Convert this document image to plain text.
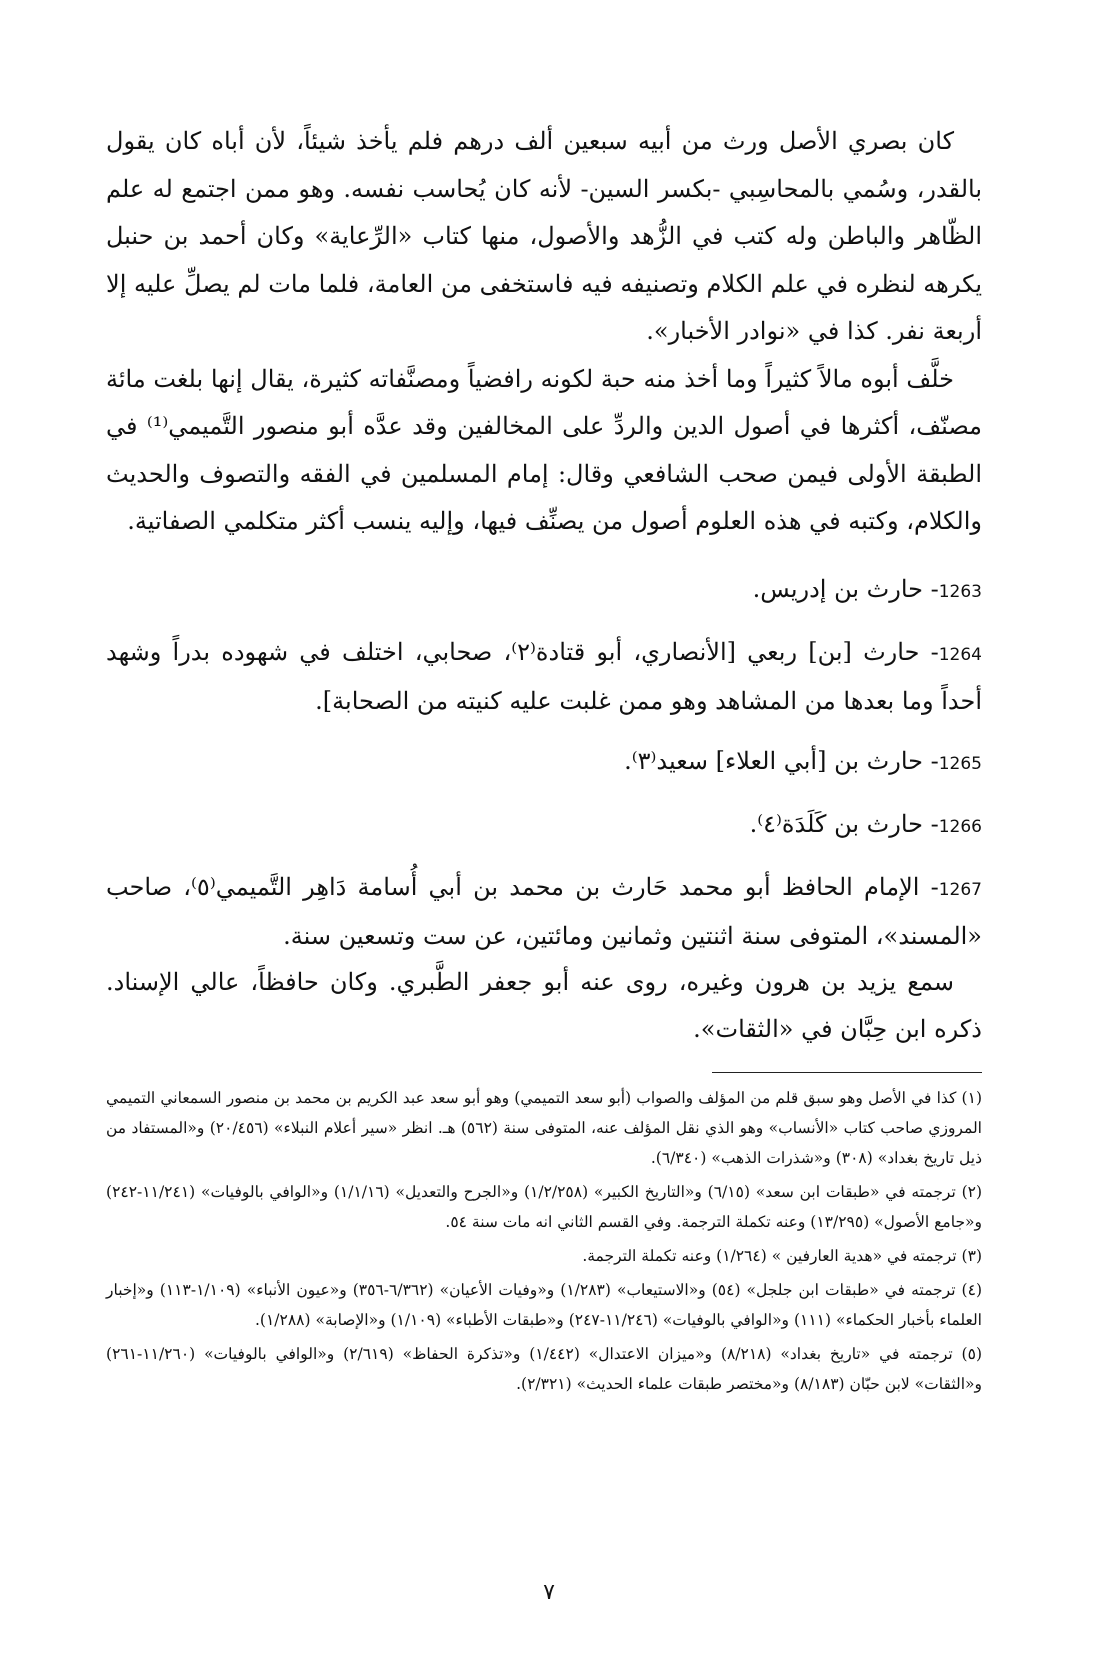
كان بصري الأصل ورث من أبيه سبعين ألف درهم فلم يأخذ شيئاً، لأن أباه كان يقول بالقدر، وسُمي بالمحاسِبي -بكسر السين- لأنه كان يُحاسب نفسه. وهو ممن اجتمع له علم الظّاهر والباطن وله كتب في الزُّهد والأصول، منها كتاب «الرِّعاية» وكان أحمد بن حنبل يكرهه لنظره في علم الكلام وتصنيفه فيه فاستخفى من العامة، فلما مات لم يصلِّ عليه إلا أربعة نفر. كذا في «نوادر الأخبار».

خلَّف أبوه مالاً كثيراً وما أخذ منه حبة لكونه رافضياً ومصنَّفاته كثيرة، يقال إنها بلغت مائة مصنّف، أكثرها في أصول الدين والردِّ على المخالفين وقد عدَّه أبو منصور التَّميمي⁽¹⁾ في الطبقة الأولى فيمن صحب الشافعي وقال: إمام المسلمين في الفقه والتصوف والحديث والكلام، وكتبه في هذه العلوم أصول من يصنِّف فيها، وإليه ينسب أكثر متكلمي الصفاتية.

1263- حارث بن إدريس.

1264- حارث [بن] ربعي [الأنصاري، أبو قتادة⁽٢⁾، صحابي، اختلف في شهوده بدراً وشهد أحداً وما بعدها من المشاهد وهو ممن غلبت عليه كنيته من الصحابة].

1265- حارث بن [أبي العلاء] سعيد⁽٣⁾.

1266- حارث بن كَلَدَة⁽٤⁾.

1267- الإمام الحافظ أبو محمد حَارث بن محمد بن أبي أُسامة دَاهِر التَّميمي⁽٥⁾، صاحب «المسند»، المتوفى سنة اثنتين وثمانين ومائتين، عن ست وتسعين سنة.

سمع يزيد بن هرون وغيره، روى عنه أبو جعفر الطَّبري. وكان حافظاً، عالي الإسناد. ذكره ابن حِبَّان في «الثقات».

(١) كذا في الأصل وهو سبق قلم من المؤلف والصواب (أبو سعد التميمي) وهو أبو سعد عبد الكريم بن محمد بن منصور السمعاني التميمي المروزي صاحب كتاب «الأنساب» وهو الذي نقل المؤلف عنه، المتوفى سنة (٥٦٢) هـ. انظر «سير أعلام النبلاء» (٢٠/٤٥٦) و«المستفاد من ذيل تاريخ بغداد» (٣٠٨) و«شذرات الذهب» (٦/٣٤٠).

(٢) ترجمته في «طبقات ابن سعد» (٦/١٥) و«التاريخ الكبير» (١/٢/٢٥٨) و«الجرح والتعديل» (١/١/١٦) و«الوافي بالوفيات» (١١/٢٤١-٢٤٢) و«جامع الأصول» (١٣/٢٩٥) وعنه تكملة الترجمة. وفي القسم الثاني انه مات سنة ٥٤.

(٣) ترجمته في «هدية العارفين » (١/٢٦٤) وعنه تكملة الترجمة.

(٤) ترجمته في «طبقات ابن جلجل» (٥٤) و«الاستيعاب» (١/٢٨٣) و«وفيات الأعيان» (٦/٣٦٢-٣٥٦) و«عيون الأنباء» (١/١٠٩-١١٣) و«إخبار العلماء بأخبار الحكماء» (١١١) و«الوافي بالوفيات» (١١/٢٤٦-٢٤٧) و«طبقات الأطباء» (١/١٠٩) و«الإصابة» (١/٢٨٨).

(٥) ترجمته في «تاريخ بغداد» (٨/٢١٨) و«ميزان الاعتدال» (١/٤٤٢) و«تذكرة الحفاظ» (٢/٦١٩) و«الوافي بالوفيات» (١١/٢٦٠-٢٦١) و«الثقات» لابن حبّان (٨/١٨٣) و«مختصر طبقات علماء الحديث» (٢/٣٢١).

٧
